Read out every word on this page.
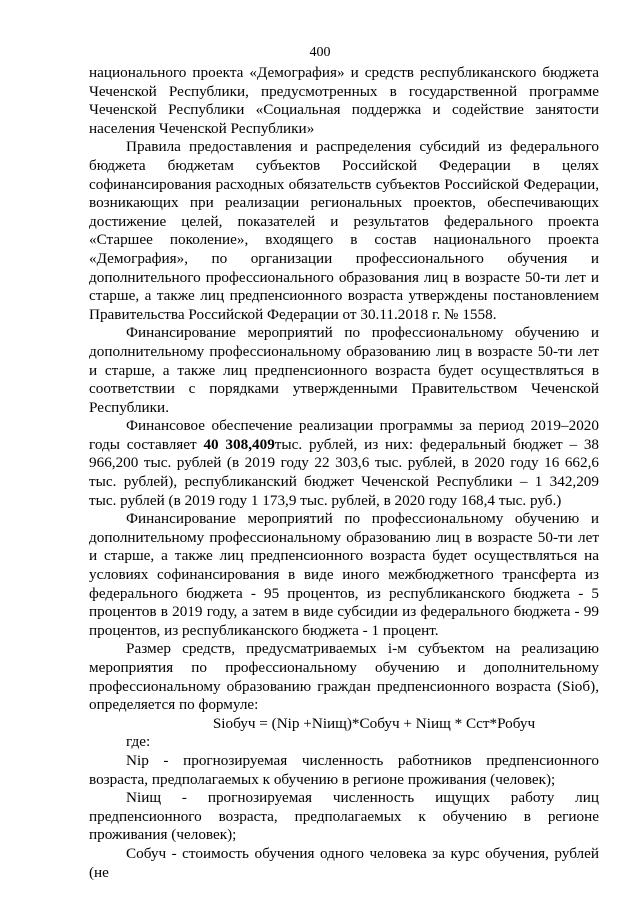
400

национального проекта «Демография» и средств республиканского бюджета Чеченской Республики, предусмотренных в государственной программе Чеченской Республики «Социальная поддержка и содействие занятости населения Чеченской Республики»

Правила предоставления и распределения субсидий из федерального бюджета бюджетам субъектов Российской Федерации в целях софинансирования расходных обязательств субъектов Российской Федерации, возникающих при реализации региональных проектов, обеспечивающих достижение целей, показателей и результатов федерального проекта «Старшее поколение», входящего в состав национального проекта «Демография», по организации профессионального обучения и дополнительного профессионального образования лиц в возрасте 50-ти лет и старше, а также лиц предпенсионного возраста утверждены постановлением Правительства Российской Федерации от 30.11.2018 г. № 1558.

Финансирование мероприятий по профессиональному обучению и дополнительному профессиональному образованию лиц в возрасте 50-ти лет и старше, а также лиц предпенсионного возраста будет осуществляться в соответствии с порядками утвержденными Правительством Чеченской Республики.

Финансовое обеспечение реализации программы за период 2019–2020 годы составляет 40 308,409тыс. рублей, из них: федеральный бюджет – 38 966,200 тыс. рублей (в 2019 году 22 303,6 тыс. рублей, в 2020 году 16 662,6 тыс. рублей), республиканский бюджет Чеченской Республики – 1 342,209 тыс. рублей (в 2019 году 1 173,9 тыс. рублей, в 2020 году 168,4 тыс. руб.)

Финансирование мероприятий по профессиональному обучению и дополнительному профессиональному образованию лиц в возрасте 50-ти лет и старше, а также лиц предпенсионного возраста будет осуществляться на условиях софинансирования в виде иного межбюджетного трансферта из федерального бюджета - 95 процентов, из республиканского бюджета - 5 процентов в 2019 году, а затем в виде субсидии из федерального бюджета - 99 процентов, из республиканского бюджета - 1 процент.

Размер средств, предусматриваемых i-м субъектом на реализацию мероприятия по профессиональному обучению и дополнительному профессиональному образованию граждан предпенсионного возраста (Siоб), определяется по формуле:

Siобуч = (Nip +Niищ)*Собуч + Niищ * Cст*Робуч

где:

Nip - прогнозируемая численность работников предпенсионного возраста, предполагаемых к обучению в регионе проживания (человек);

Niищ - прогнозируемая численность ищущих работу лиц предпенсионного возраста, предполагаемых к обучению в регионе проживания (человек);

Собуч - стоимость обучения одного человека за курс обучения, рублей (не
